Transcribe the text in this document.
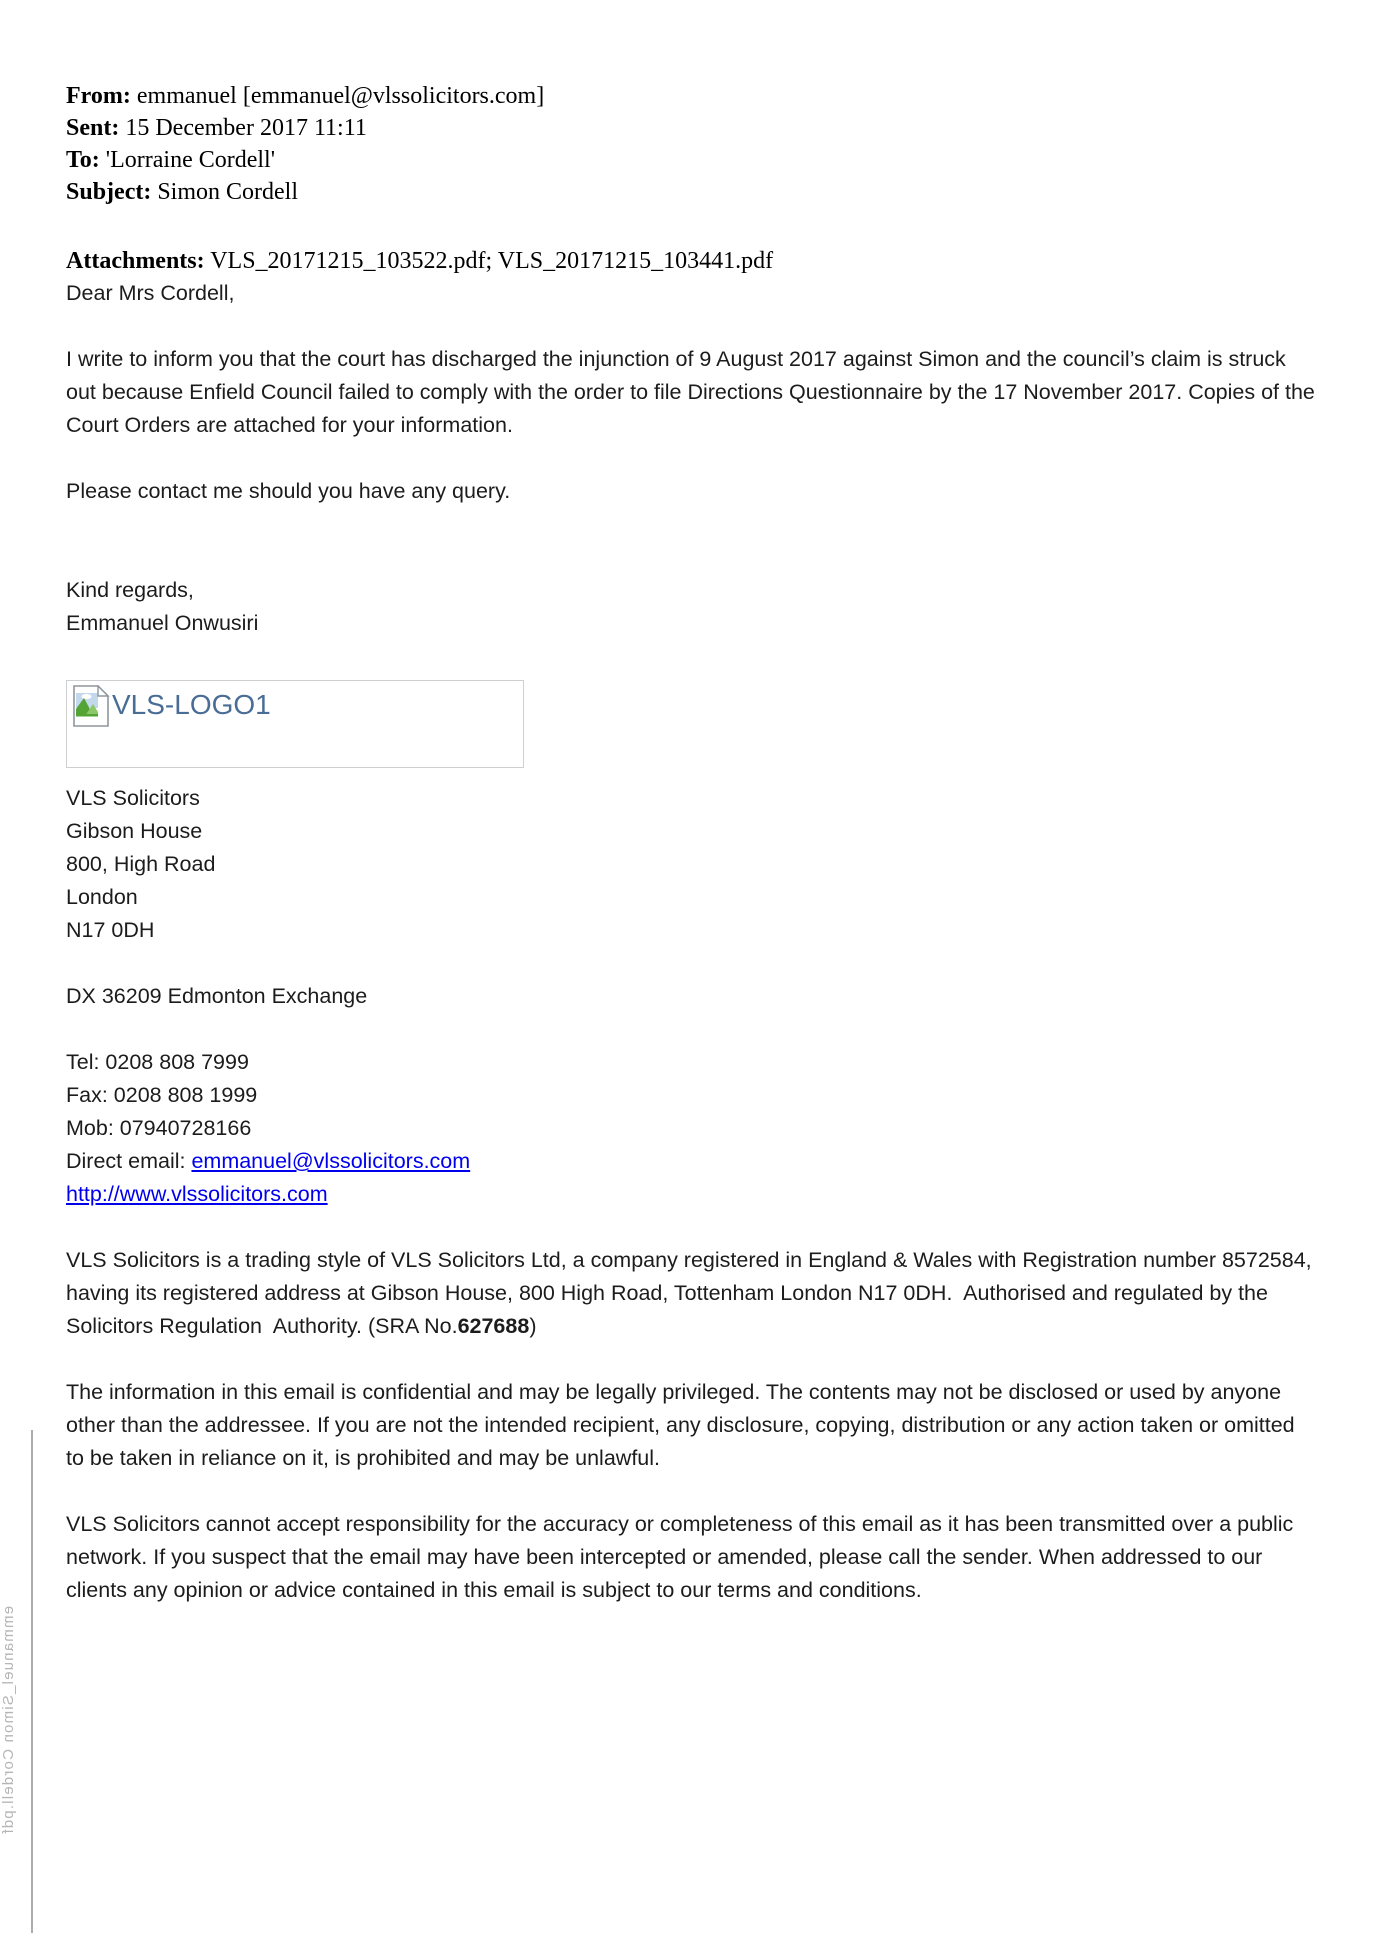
From: emmanuel [emmanuel@vlssolicitors.com]

Sent: 15 December 2017 11:11

To: 'Lorraine Cordell'

Subject: Simon Cordell

Attachments: VLS_20171215_103522.pdf; VLS_20171215_103441.pdf

Dear Mrs Cordell,

I write to inform you that the court has discharged the injunction of 9 August 2017 against Simon and the council’s claim is struck out because Enfield Council failed to comply with the order to file Directions Questionnaire by the 17 November 2017. Copies of the Court Orders are attached for your information.

Please contact me should you have any query.

Kind regards,

Emmanuel Onwusiri

VLS-LOGO1

VLS Solicitors

Gibson House

800, High Road

London

N17 0DH

DX 36209 Edmonton Exchange

Tel: 0208 808 7999

Fax: 0208 808 1999

Mob: 07940728166

Direct email: emmanuel@vlssolicitors.com

http://www.vlssolicitors.com

VLS Solicitors is a trading style of VLS Solicitors Ltd, a company registered in England & Wales with Registration number 8572584, having its registered address at Gibson House, 800 High Road, Tottenham London N17 0DH.  Authorised and regulated by the Solicitors Regulation  Authority. (SRA No.627688)

The information in this email is confidential and may be legally privileged. The contents may not be disclosed or used by anyone other than the addressee. If you are not the intended recipient, any disclosure, copying, distribution or any action taken or omitted to be taken in reliance on it, is prohibited and may be unlawful.

VLS Solicitors cannot accept responsibility for the accuracy or completeness of this email as it has been transmitted over a public network. If you suspect that the email may have been intercepted or amended, please call the sender. When addressed to our clients any opinion or advice contained in this email is subject to our terms and conditions.

emmanuel_Simon Cordell.pdf
